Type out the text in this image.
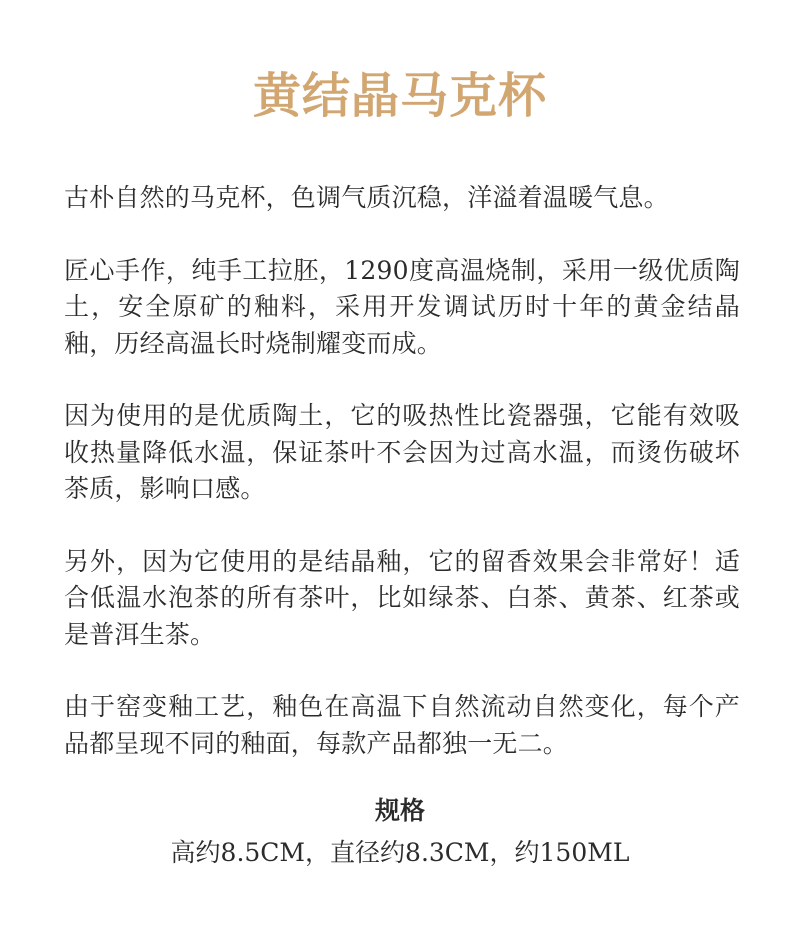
黄结晶马克杯

古朴自然的马克杯，色调气质沉稳，洋溢着温暖气息。

匠心手作，纯手工拉胚，1290度高温烧制，采用一级优质陶土，安全原矿的釉料，采用开发调试历时十年的黄金结晶釉，历经高温长时烧制耀变而成。

因为使用的是优质陶土，它的吸热性比瓷器强，它能有效吸收热量降低水温，保证茶叶不会因为过高水温，而烫伤破坏茶质，影响口感。

另外，因为它使用的是结晶釉，它的留香效果会非常好！适合低温水泡茶的所有茶叶，比如绿茶、白茶、黄茶、红茶或是普洱生茶。

由于窑变釉工艺，釉色在高温下自然流动自然变化，每个产品都呈现不同的釉面，每款产品都独一无二。

规格
高约8.5CM，直径约8.3CM，约150ML
